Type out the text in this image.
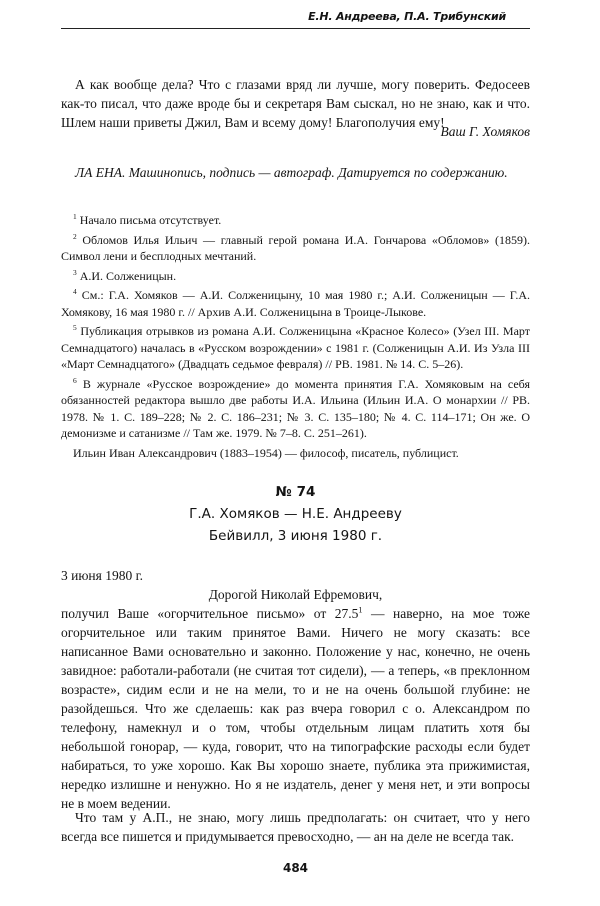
Е.Н. Андреева, П.А. Трибунский
А как вообще дела? Что с глазами вряд ли лучше, могу поверить. Федосеев как-то писал, что даже вроде бы и секретаря Вам сыскал, но не знаю, как и что. Шлем наши приветы Джил, Вам и всему дому! Благополучия ему!
Ваш Г. Хомяков
ЛА ЕНА. Машинопись, подпись — автограф. Датируется по содержанию.

$^1$ Начало письма отсутствует.

$^2$ Обломов Илья Ильич — главный герой романа И.А. Гончарова «Обломов» (1859). Символ лени и бесплодных мечтаний.

$^3$ А.И. Солженицын.

$^4$ См.: Г.А. Хомяков — А.И. Солженицыну, 10 мая 1980 г.; А.И. Солженицын — Г.А. Хомякову, 16 мая 1980 г. // Архив А.И. Солженицына в Троице-Лыкове.

$^5$ Публикация отрывков из романа А.И. Солженицына «Красное Колесо» (Узел III. Март Семнадцатого) началась в «Русском возрождении» с 1981 г. (Солженицын А.И. Из Узла III «Март Семнадцатого» (Двадцать седьмое февраля) // РВ. 1981. № 14. С. 5–26).

$^6$ В журнале «Русское возрождение» до момента принятия Г.А. Хомяковым на себя обязанностей редактора вышло две работы И.А. Ильина (Ильин И.А. О монархии // РВ. 1978. № 1. С. 189–228; № 2. С. 186–231; № 3. С. 135–180; № 4. С. 114–171; Он же. О демонизме и сатанизме // Там же. 1979. № 7–8. С. 251–261).

Ильин Иван Александрович (1883–1954) — философ, писатель, публицист.

№ 74
Г.А. Хомяков — Н.Е. Андрееву
Бейвилл, 3 июня 1980 г.
3 июня 1980 г.
Дорогой Николай Ефремович,
получил Ваше «огорчительное письмо» от 27.5$^1$ — наверно, на мое тоже огорчительное или таким принятое Вами. Ничего не могу сказать: все написанное Вами основательно и законно. Положение у нас, конечно, не очень завидное: работали-работали (не считая тот сидели), — а теперь, «в преклонном возрасте», сидим если и не на мели, то и не на очень большой глубине: не разойдешься. Что же сделаешь: как раз вчера говорил с о. Александром по телефону, намекнул и о том, чтобы отдельным лицам платить хотя бы небольшой гонорар, — куда, говорит, что на типографские расходы если будет набираться, то уже хорошо. Как Вы хорошо знаете, публика эта прижимистая, нередко излишне и ненужно. Но я не издатель, денег у меня нет, и эти вопросы не в моем ведении.
Что там у А.П., не знаю, могу лишь предполагать: он считает, что у него всегда все пишется и придумывается превосходно, — ан на деле не всегда так.
484
